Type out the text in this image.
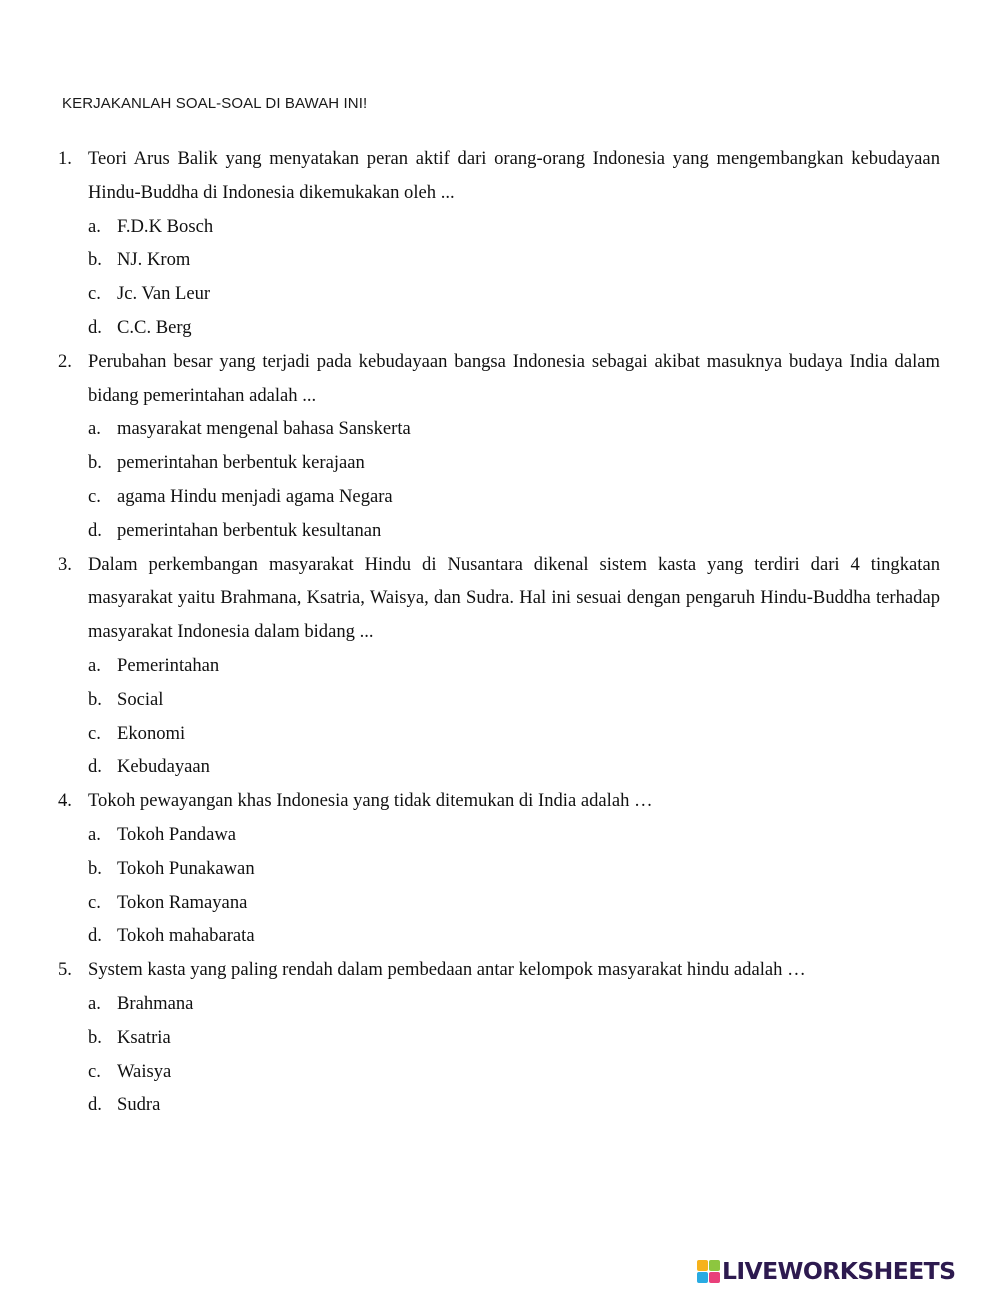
KERJAKANLAH SOAL-SOAL DI BAWAH INI!
1. Teori Arus Balik yang menyatakan peran aktif dari orang-orang Indonesia yang mengembangkan kebudayaan Hindu-Buddha di Indonesia dikemukakan oleh ...
a. F.D.K Bosch
b. NJ. Krom
c. Jc. Van Leur
d. C.C. Berg
2. Perubahan besar yang terjadi pada kebudayaan bangsa Indonesia sebagai akibat masuknya budaya India dalam bidang pemerintahan adalah ...
a. masyarakat mengenal bahasa Sanskerta
b. pemerintahan berbentuk kerajaan
c. agama Hindu menjadi agama Negara
d. pemerintahan berbentuk kesultanan
3. Dalam perkembangan masyarakat Hindu di Nusantara dikenal sistem kasta yang terdiri dari 4 tingkatan masyarakat yaitu Brahmana, Ksatria, Waisya, dan Sudra. Hal ini sesuai dengan pengaruh Hindu-Buddha terhadap masyarakat Indonesia dalam bidang ...
a. Pemerintahan
b. Social
c. Ekonomi
d. Kebudayaan
4. Tokoh pewayangan khas Indonesia yang tidak ditemukan di India adalah …
a. Tokoh Pandawa
b. Tokoh Punakawan
c. Tokon Ramayana
d. Tokoh mahabarata
5. System kasta yang paling rendah dalam pembedaan antar kelompok masyarakat hindu adalah …
a. Brahmana
b. Ksatria
c. Waisya
d. Sudra
LIVEWORKSHEETS
